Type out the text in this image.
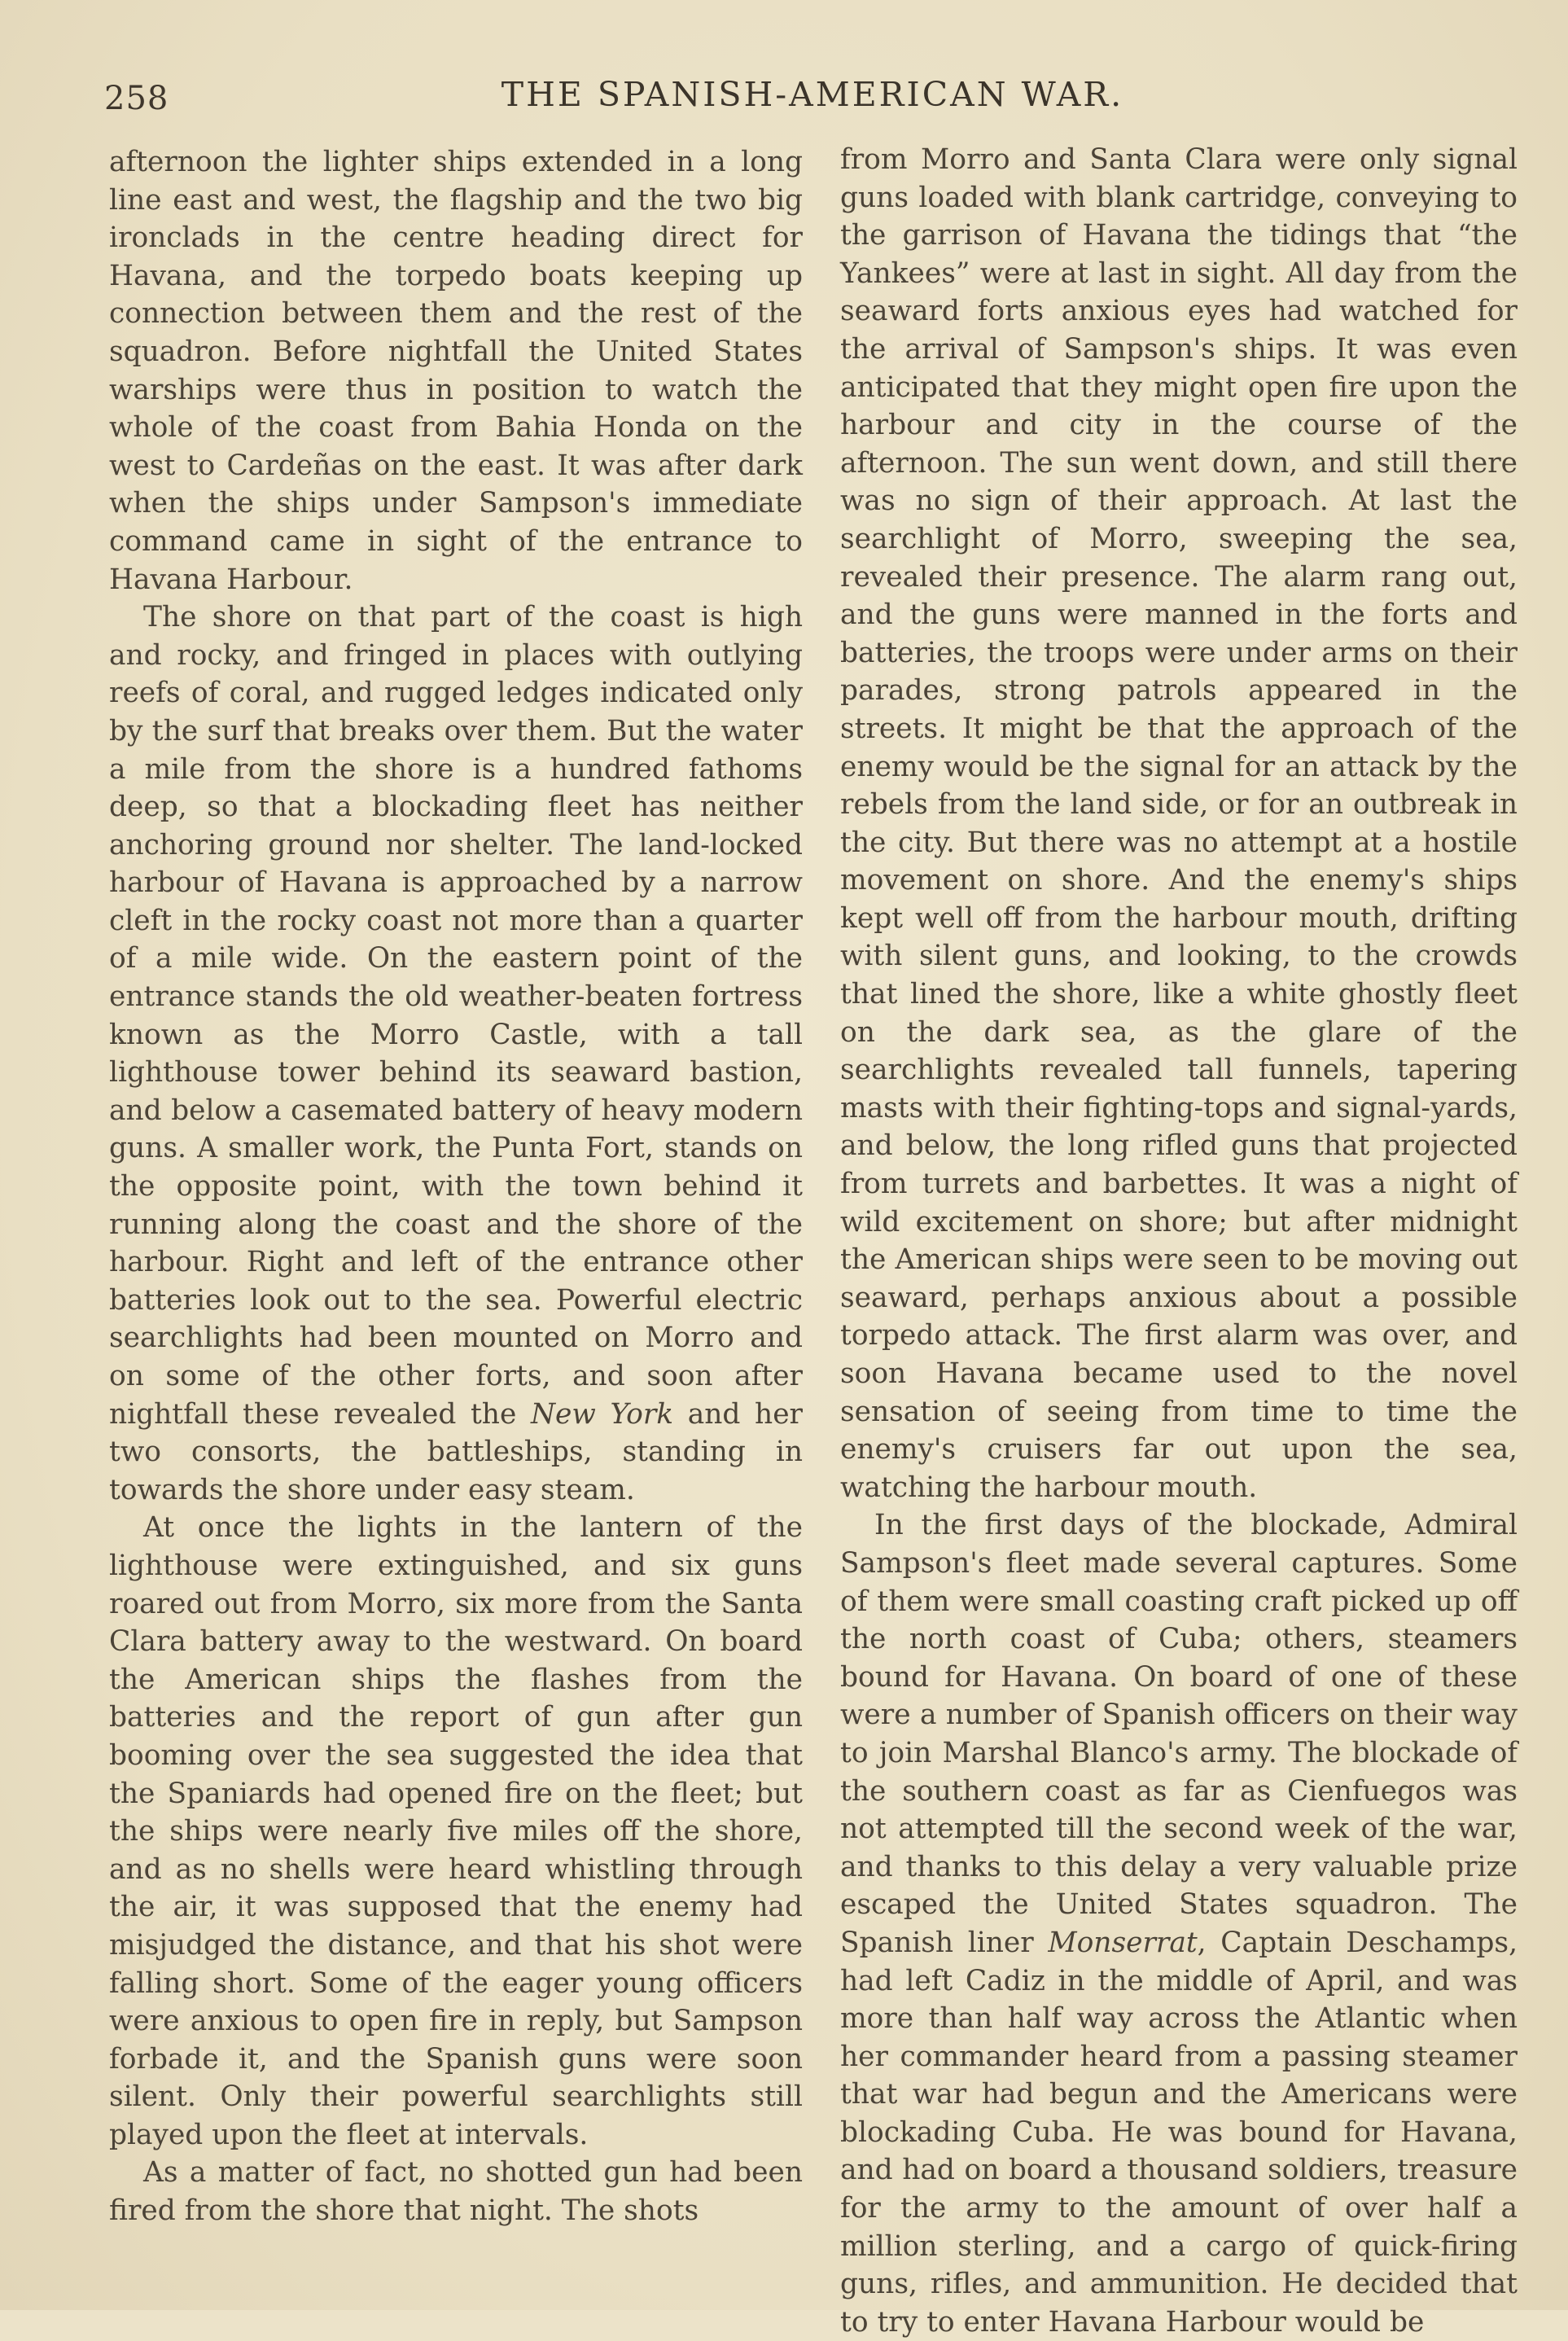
258	THE SPANISH-AMERICAN WAR.

afternoon the lighter ships extended in a long line east and west, the flagship and the two big ironclads in the centre heading direct for Havana, and the torpedo boats keeping up connection between them and the rest of the squadron. Before nightfall the United States warships were thus in position to watch the whole of the coast from Bahia Honda on the west to Cardeñas on the east. It was after dark when the ships under Sampson's immediate command came in sight of the entrance to Havana Harbour.

The shore on that part of the coast is high and rocky, and fringed in places with outlying reefs of coral, and rugged ledges indicated only by the surf that breaks over them. But the water a mile from the shore is a hundred fathoms deep, so that a blockading fleet has neither anchoring ground nor shelter. The land-locked harbour of Havana is approached by a narrow cleft in the rocky coast not more than a quarter of a mile wide. On the eastern point of the entrance stands the old weather-beaten fortress known as the Morro Castle, with a tall lighthouse tower behind its seaward bastion, and below a casemated battery of heavy modern guns. A smaller work, the Punta Fort, stands on the opposite point, with the town behind it running along the coast and the shore of the harbour. Right and left of the entrance other batteries look out to the sea. Powerful electric searchlights had been mounted on Morro and on some of the other forts, and soon after nightfall these revealed the New York and her two consorts, the battleships, standing in towards the shore under easy steam.

At once the lights in the lantern of the lighthouse were extinguished, and six guns roared out from Morro, six more from the Santa Clara battery away to the westward. On board the American ships the flashes from the batteries and the report of gun after gun booming over the sea suggested the idea that the Spaniards had opened fire on the fleet; but the ships were nearly five miles off the shore, and as no shells were heard whistling through the air, it was supposed that the enemy had misjudged the distance, and that his shot were falling short. Some of the eager young officers were anxious to open fire in reply, but Sampson forbade it, and the Spanish guns were soon silent. Only their powerful searchlights still played upon the fleet at intervals.

As a matter of fact, no shotted gun had been fired from the shore that night. The shots

from Morro and Santa Clara were only signal guns loaded with blank cartridge, conveying to the garrison of Havana the tidings that “the Yankees” were at last in sight. All day from the seaward forts anxious eyes had watched for the arrival of Sampson's ships. It was even anticipated that they might open fire upon the harbour and city in the course of the afternoon. The sun went down, and still there was no sign of their approach. At last the searchlight of Morro, sweeping the sea, revealed their presence. The alarm rang out, and the guns were manned in the forts and batteries, the troops were under arms on their parades, strong patrols appeared in the streets. It might be that the approach of the enemy would be the signal for an attack by the rebels from the land side, or for an outbreak in the city. But there was no attempt at a hostile movement on shore. And the enemy's ships kept well off from the harbour mouth, drifting with silent guns, and looking, to the crowds that lined the shore, like a white ghostly fleet on the dark sea, as the glare of the searchlights revealed tall funnels, tapering masts with their fighting-tops and signal-yards, and below, the long rifled guns that projected from turrets and barbettes. It was a night of wild excitement on shore; but after midnight the American ships were seen to be moving out seaward, perhaps anxious about a possible torpedo attack. The first alarm was over, and soon Havana became used to the novel sensation of seeing from time to time the enemy's cruisers far out upon the sea, watching the harbour mouth.

In the first days of the blockade, Admiral Sampson's fleet made several captures. Some of them were small coasting craft picked up off the north coast of Cuba; others, steamers bound for Havana. On board of one of these were a number of Spanish officers on their way to join Marshal Blanco's army. The blockade of the southern coast as far as Cienfuegos was not attempted till the second week of the war, and thanks to this delay a very valuable prize escaped the United States squadron. The Spanish liner Monserrat, Captain Deschamps, had left Cadiz in the middle of April, and was more than half way across the Atlantic when her commander heard from a passing steamer that war had begun and the Americans were blockading Cuba. He was bound for Havana, and had on board a thousand soldiers, treasure for the army to the amount of over half a million sterling, and a cargo of quick-firing guns, rifles, and ammunition. He decided that to try to enter Havana Harbour would be
